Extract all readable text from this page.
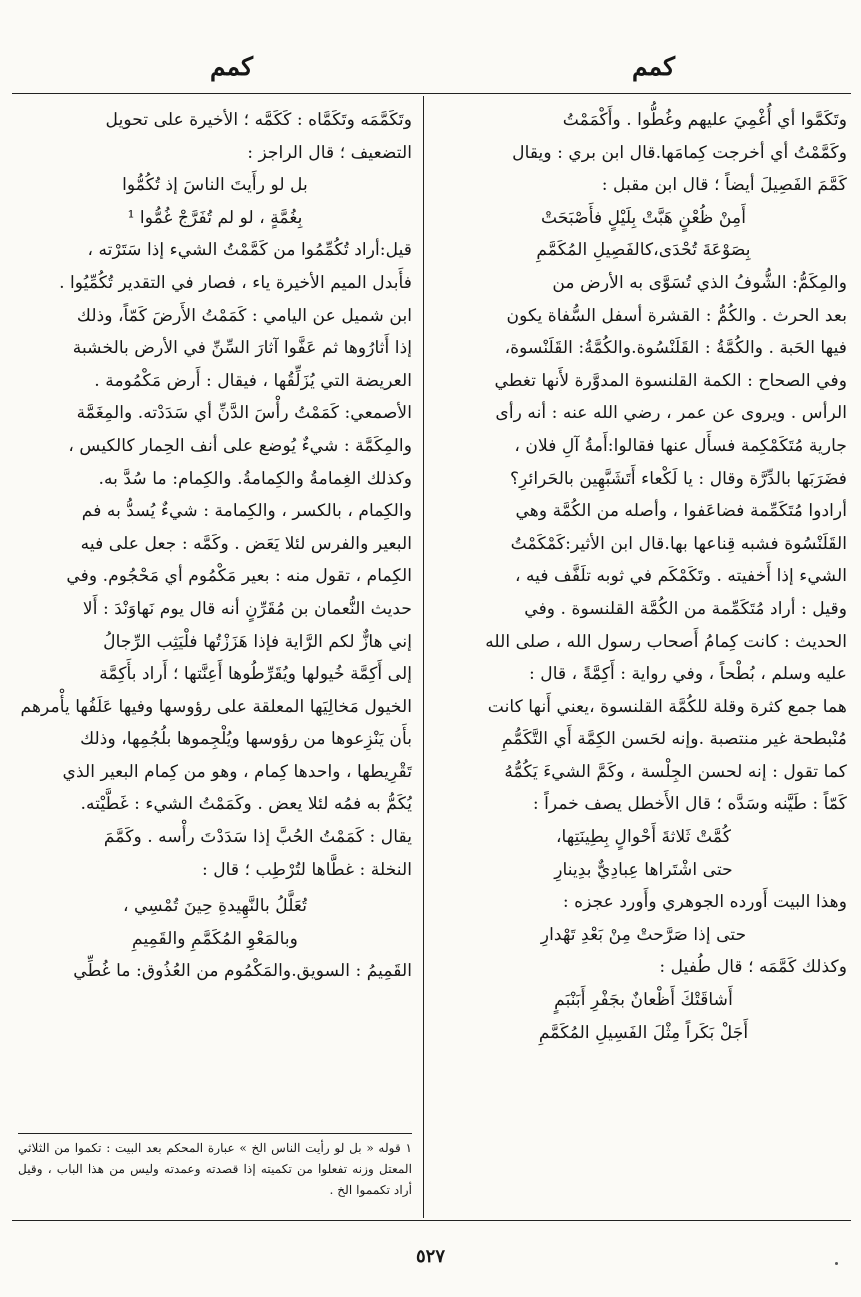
كمم
كمم

وتَكَمَّوا أي أُغْمِيَ عليهم وغُطُّوا . وأَكْمَمْتُ

وكَمَّمْتُ أي أخرجت كِمامَها.قال ابن بري : ويقال

كَمَّمَ الفَصِيلَ أيضاً ؛ قال ابن مقبل :

أَمِنْ ظُعْنٍ هَبَّتْ بِلَيْلٍ فأَصْبَحَتْ

بِصَوْعَةَ تُحْدَى،كالفَصِيلِ المُكَمَّمِ

والمِكَمُّ: الشُّوفُ الذي تُسَوَّى به الأرض من

بعد الحرث . والكُمُّ : القشرة أسفل السُّفاة يكون

فيها الحَبة . والكُمَّةُ : القَلَنْسُوة.والكُمَّةُ: القَلَنْسوة،

وفي الصحاح : الكمة القلنسوة المدوَّرة لأَنها تغطي

الرأس . ويروى عن عمر ، رضي الله عنه : أنه رأى

جارية مُتَكَمْكِمة فسأَل عنها فقالوا:أَمةُ آلِ فلان ،

فضَرَبَها بالدِّرَّة وقال : يا لَكْعاء أَتَشَبَّهِين بالحَرائرِ؟

أرادوا مُتَكَمِّمة فضاعَفوا ، وأصله من الكُمَّة وهي

القَلَنْسُوة فشبه قِناعها بها.قال ابن الأثير:كَمْكَمْتُ

الشيء إذا أَخفيته . وتَكَمْكَم في ثوبه تلَفَّف فيه ،

وقيل : أراد مُتَكَمِّمة من الكُمَّة القلنسوة . وفي

الحديث : كانت كِمامُ أَصحاب رسول الله ، صلى الله

عليه وسلم ، بُطْحاً ، وفي رواية : أَكِمَّةً ، قال :

هما جمع كثرة وقلة للكُمَّة القلنسوة ،يعني أَنها كانت

مُنْبطحة غير منتصبة .وإنه لحَسن الكِمَّة أَي التَّكَمُّمِ

كما تقول : إنه لحسن الجِلْسة ، وكَمَّ الشيءَ يَكُمُّهُ

كَمّاً : طَيَّنه وسَدَّه ؛ قال الأَخطل يصف خمراً :

كُمَّتْ ثَلاثةَ أَحْوالٍ بِطِينَتِها،

حتى اشْتَراها عِبادِيٌّ بدِينارِ

وهذا البيت أَورده الجوهري وأَورد عجزه :

حتى إذا صَرَّحتْ مِنْ بَعْدِ تَهْدارِ

وكذلك كَمَّمَه ؛ قال طُفيل :

أَشاقَتْكَ أَظْعانٌ بجَفْرِ أَبَنْبَمٍ

أَجَلْ بَكَراً مِثْلَ الفَسِيلِ المُكَمَّمِ

وتَكَمَّمَه وتَكَمَّاه : كَكَمَّه ؛ الأخيرة على تحويل

التضعيف ؛ قال الراجز :

بل لو رأَيتَ الناسَ إذ تُكُمُّوا

بِغُمَّةٍ ، لو لم تُفَرَّجْ غُمُّوا ¹

قيل:أراد تُكُمِّمُوا من كَمَّمْتُ الشيء إذا سَتَرْته ،

فأَبدل الميم الأخيرة ياء ، فصار في التقدير تُكُمِّيُوا .

ابن شميل عن اليامي : كَمَمْتُ الأَرضَ كَمّاً، وذلك

إذا أَثارُوها ثم عَفَّوا آثارَ السِّنِّ في الأرض بالخشبة

العريضة التي يُزَلِّقُها ، فيقال : أَرض مَكْمُومة .

الأصمعي: كَمَمْتُ رأْسَ الدَّنِّ أي سَدَدْته. والمِغَمَّة

والمِكَمَّة : شيءٌ يُوضع على أنف الحِمار كالكيس ،

وكذلك الغِمامةُ والكِمامةُ. والكِمام: ما سُدَّ به.

والكِمام ، بالكسر ، والكِمامة : شيءٌ يُسدُّ به فم

البعير والفرس لئلا يَعَض . وكَمَّه : جعل على فيه

الكِمام ، تقول منه : بعير مَكْمُوم أي مَحْجُوم. وفي

حديث النُّعمان بن مُقَرِّنٍ أنه قال يوم نَهاوَنْدَ : أَلا

إني هازٌّ لكم الرَّاية فإذا هَزَزْتُها فلْيَثِب الرِّجالُ

إلى أَكِمَّة خُيولها ويُقَرِّطُوها أَعِنَّتها ؛ أَراد بأَكِمَّة

الخيول مَخالِيَها المعلقة على رؤوسها وفيها عَلَفُها يأْمرهم

بأَن يَنْزِعوها من رؤوسها ويُلْجِموها بلُجُمِها، وذلك

تَقْرِيطها ، واحدها كِمام ، وهو من كِمام البعير الذي

يُكَمُّ به فمُه لئلا يعض . وكَمَمْتُ الشيء : غَطَّيْته.

يقال : كَمَمْتُ الحُبَّ إذا سَدَدْتَ رأْسه . وكَمَّمَ

النخلة : غطَّاها لتُرْطِب ؛ قال :

تُعَلَّلُ بالنَّهِيدةِ حِينَ تُمْسِي ،

وبالمَعْوِ المُكَمَّمِ والقَمِيمِ

القَمِيمُ : السويق.والمَكْمُوم من العُذُوق: ما غُطِّي

١ قوله « بل لو رأيت الناس الخ » عبارة المحكم بعد البيت : تكموا من الثلاثي المعتل وزنه تفعلوا من تكميته إذا قصدته وعمدته وليس من هذا الباب ، وقيل أراد تكمموا الخ .
٥٢٧
